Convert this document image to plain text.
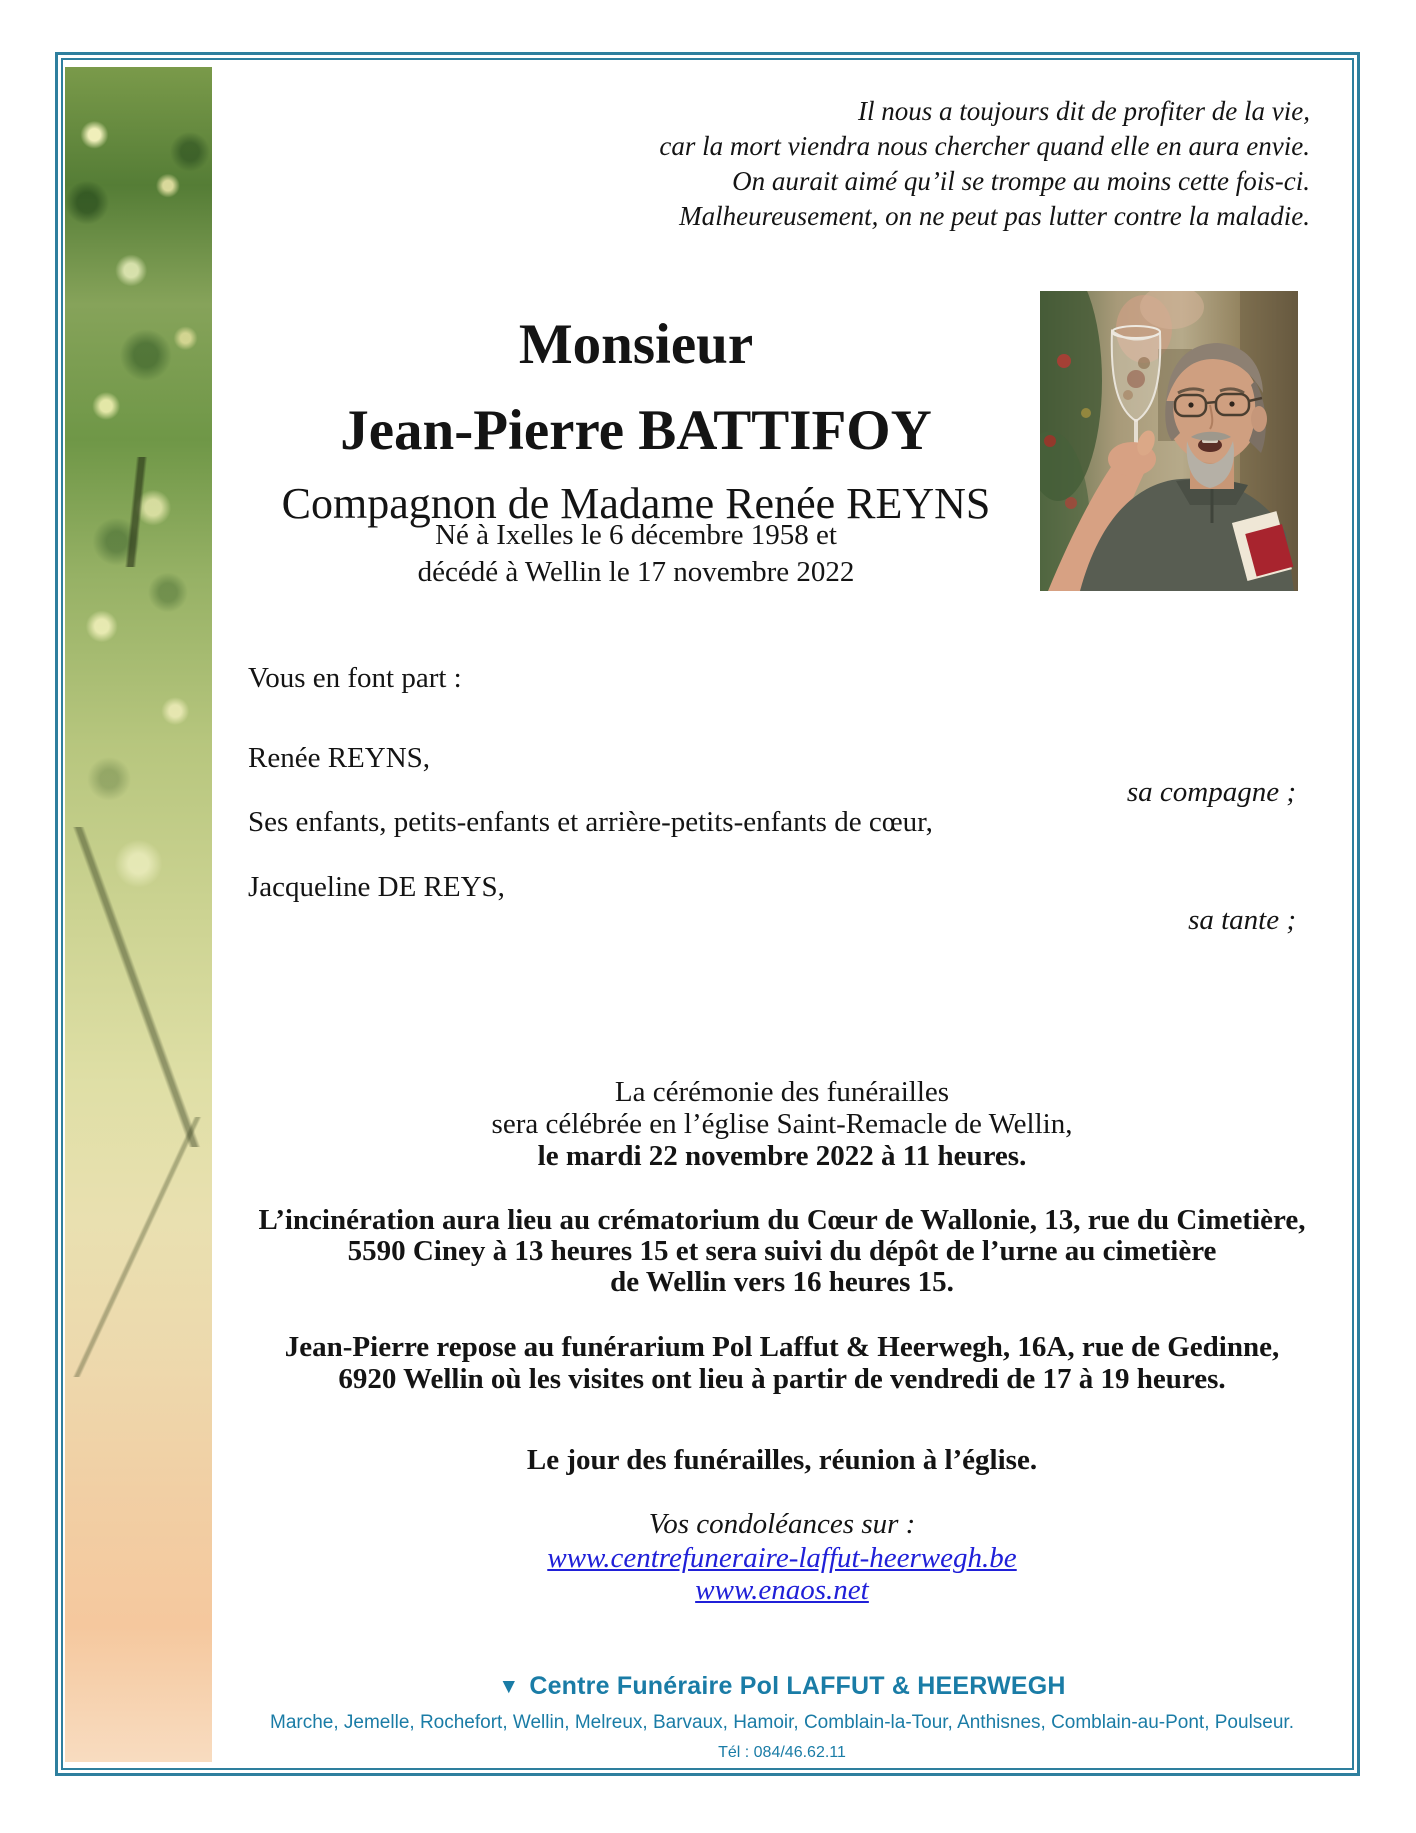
Il nous a toujours dit de profiter de la vie,
car la mort viendra nous chercher quand elle en aura envie.
On aurait aimé qu’il se trompe au moins cette fois-ci.
Malheureusement, on ne peut pas lutter contre la maladie.
Monsieur
Jean-Pierre BATTIFOY
Compagnon de Madame Renée REYNS
Né à Ixelles le 6 décembre 1958 et
décédé à Wellin le 17 novembre 2022
Vous en font part :
Renée REYNS,
sa compagne ;
Ses enfants, petits-enfants et arrière-petits-enfants de cœur,
Jacqueline DE REYS,
sa tante ;
La cérémonie des funérailles
sera célébrée en l’église Saint-Remacle de Wellin,
le mardi 22 novembre 2022 à 11 heures.
L’incinération aura lieu au crématorium du Cœur de Wallonie, 13, rue du Cimetière,
5590 Ciney à 13 heures 15 et sera suivi du dépôt de l’urne au cimetière
de Wellin vers 16 heures 15.
Jean-Pierre repose au funérarium Pol Laffut & Heerwegh, 16A, rue de Gedinne,
6920 Wellin où les visites ont lieu à partir de vendredi de 17 à 19 heures.
Le jour des funérailles, réunion à l’église.
Vos condoléances sur :
www.centrefuneraire-laffut-heerwegh.be
www.enaos.net
▼ Centre Funéraire Pol LAFFUT & HEERWEGH
Marche, Jemelle, Rochefort, Wellin, Melreux, Barvaux, Hamoir, Comblain-la-Tour, Anthisnes, Comblain-au-Pont, Poulseur.
Tél : 084/46.62.11
